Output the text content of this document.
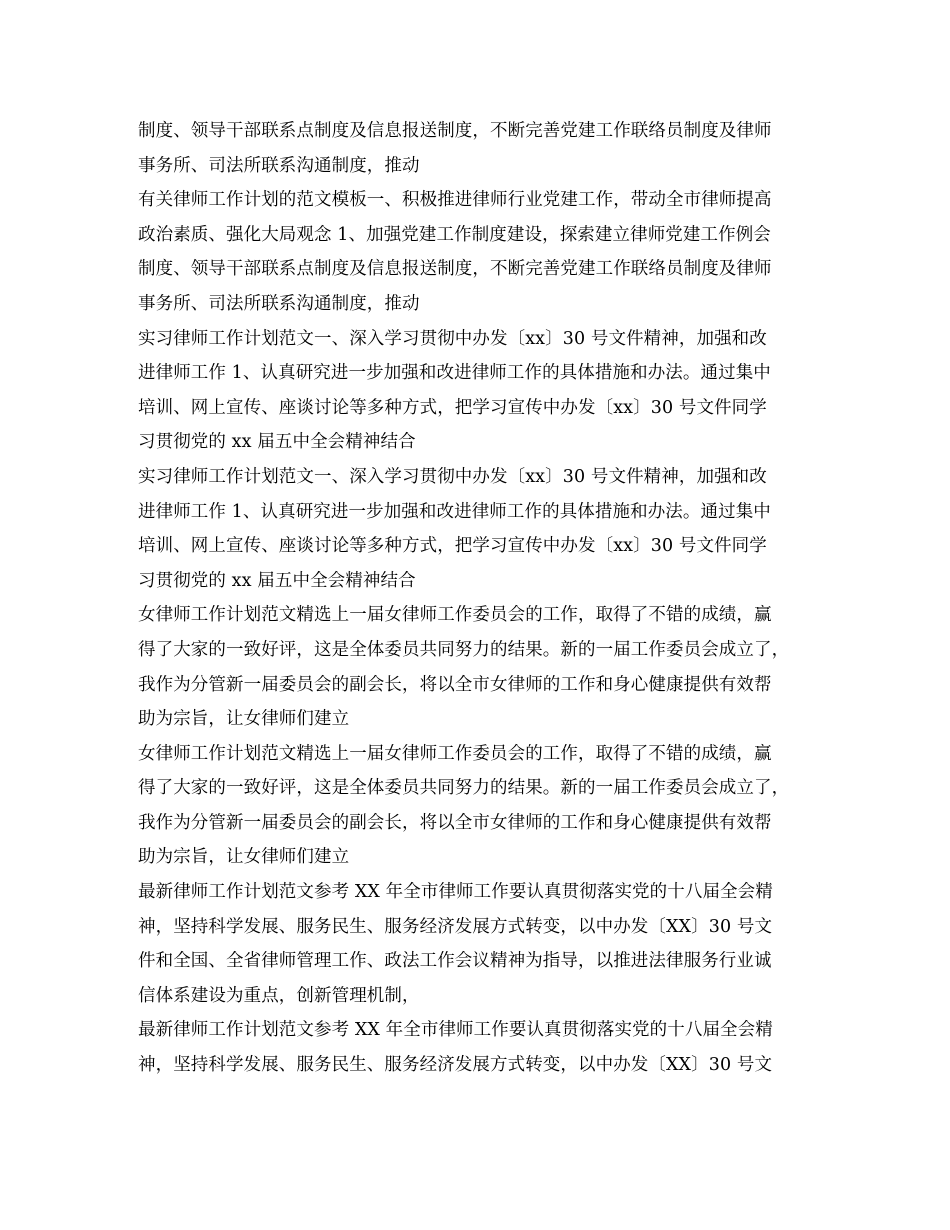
制度、领导干部联系点制度及信息报送制度，不断完善党建工作联络员制度及律师
事务所、司法所联系沟通制度，推动
有关律师工作计划的范文模板一、积极推进律师行业党建工作，带动全市律师提高
政治素质、强化大局观念 1、加强党建工作制度建设，探索建立律师党建工作例会
制度、领导干部联系点制度及信息报送制度，不断完善党建工作联络员制度及律师
事务所、司法所联系沟通制度，推动
实习律师工作计划范文一、深入学习贯彻中办发〔xx〕30 号文件精神，加强和改
进律师工作 1、认真研究进一步加强和改进律师工作的具体措施和办法。通过集中
培训、网上宣传、座谈讨论等多种方式，把学习宣传中办发〔xx〕30 号文件同学
习贯彻党的 xx 届五中全会精神结合
实习律师工作计划范文一、深入学习贯彻中办发〔xx〕30 号文件精神，加强和改
进律师工作 1、认真研究进一步加强和改进律师工作的具体措施和办法。通过集中
培训、网上宣传、座谈讨论等多种方式，把学习宣传中办发〔xx〕30 号文件同学
习贯彻党的 xx 届五中全会精神结合
女律师工作计划范文精选上一届女律师工作委员会的工作，取得了不错的成绩，赢
得了大家的一致好评，这是全体委员共同努力的结果。新的一届工作委员会成立了，
我作为分管新一届委员会的副会长，将以全市女律师的工作和身心健康提供有效帮
助为宗旨，让女律师们建立
女律师工作计划范文精选上一届女律师工作委员会的工作，取得了不错的成绩，赢
得了大家的一致好评，这是全体委员共同努力的结果。新的一届工作委员会成立了，
我作为分管新一届委员会的副会长，将以全市女律师的工作和身心健康提供有效帮
助为宗旨，让女律师们建立
最新律师工作计划范文参考 XX 年全市律师工作要认真贯彻落实党的十八届全会精
神，坚持科学发展、服务民生、服务经济发展方式转变，以中办发〔XX〕30 号文
件和全国、全省律师管理工作、政法工作会议精神为指导，以推进法律服务行业诚
信体系建设为重点，创新管理机制，
最新律师工作计划范文参考 XX 年全市律师工作要认真贯彻落实党的十八届全会精
神，坚持科学发展、服务民生、服务经济发展方式转变，以中办发〔XX〕30 号文
